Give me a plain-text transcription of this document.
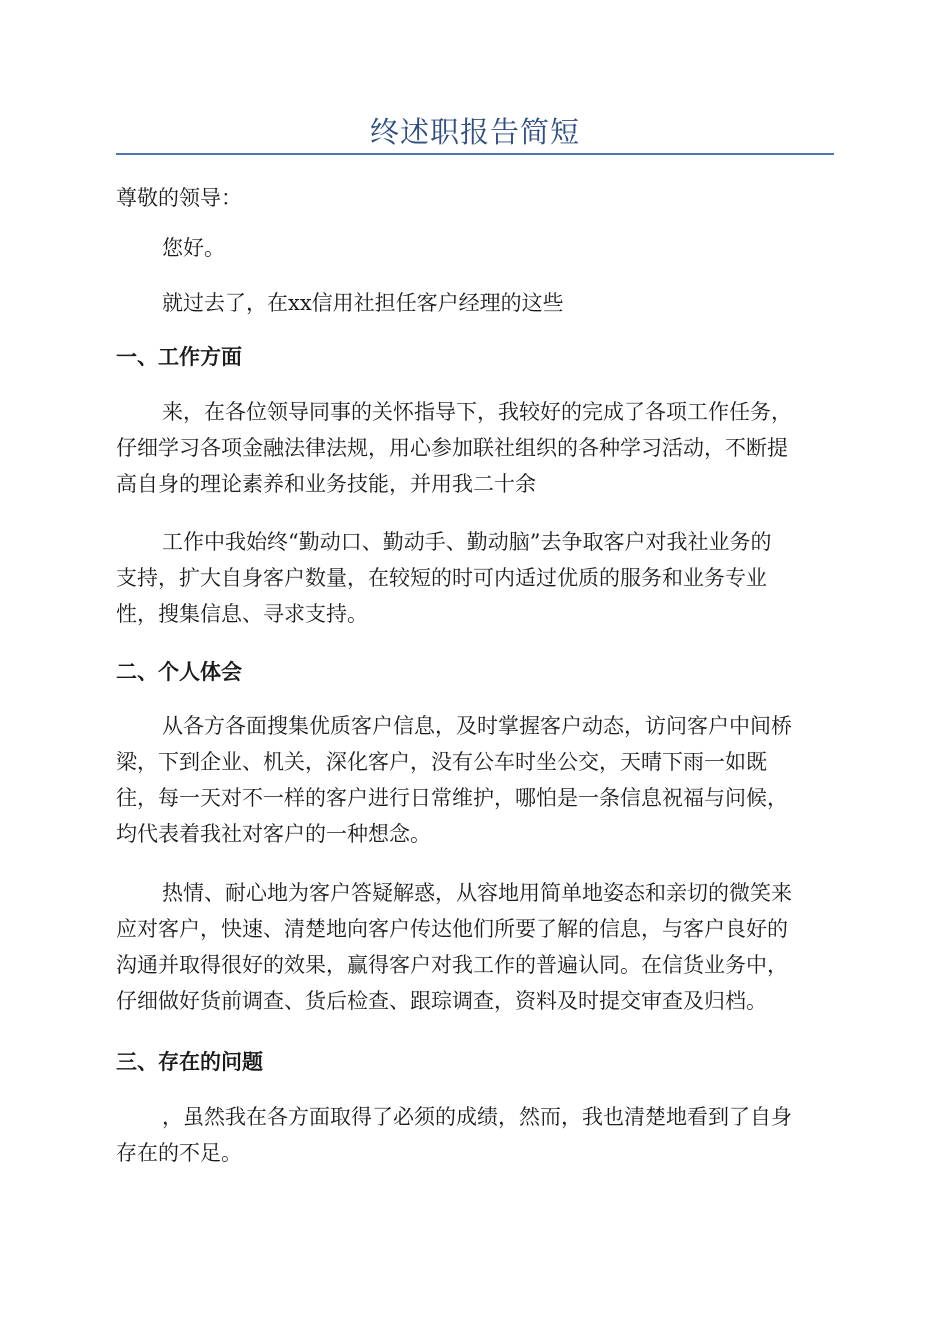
终述职报告简短
尊敬的领导：
您好。
就过去了，在xx信用社担任客户经理的这些
一、工作方面
来，在各位领导同事的关怀指导下，我较好的完成了各项工作任务，
仔细学习各项金融法律法规，用心参加联社组织的各种学习活动，不断提
高自身的理论素养和业务技能，并用我二十余
工作中我始终“勤动口、勤动手、勤动脑”去争取客户对我社业务的
支持，扩大自身客户数量，在较短的时可内适过优质的服务和业务专业
性，搜集信息、寻求支持。
二、个人体会
从各方各面搜集优质客户信息，及时掌握客户动态，访问客户中间桥
梁，下到企业、机关，深化客户，没有公车时坐公交，天晴下雨一如既
往，每一天对不一样的客户进行日常维护，哪怕是一条信息祝福与问候，
均代表着我社对客户的一种想念。
热情、耐心地为客户答疑解惑，从容地用简单地姿态和亲切的微笑来
应对客户，快速、清楚地向客户传达他们所要了解的信息，与客户良好的
沟通并取得很好的效果，赢得客户对我工作的普遍认同。在信货业务中，
仔细做好货前调查、货后检查、跟琮调查，资料及时提交审查及归档。
三、存在的问题
，虽然我在各方面取得了必须的成绩，然而，我也清楚地看到了自身
存在的不足。
